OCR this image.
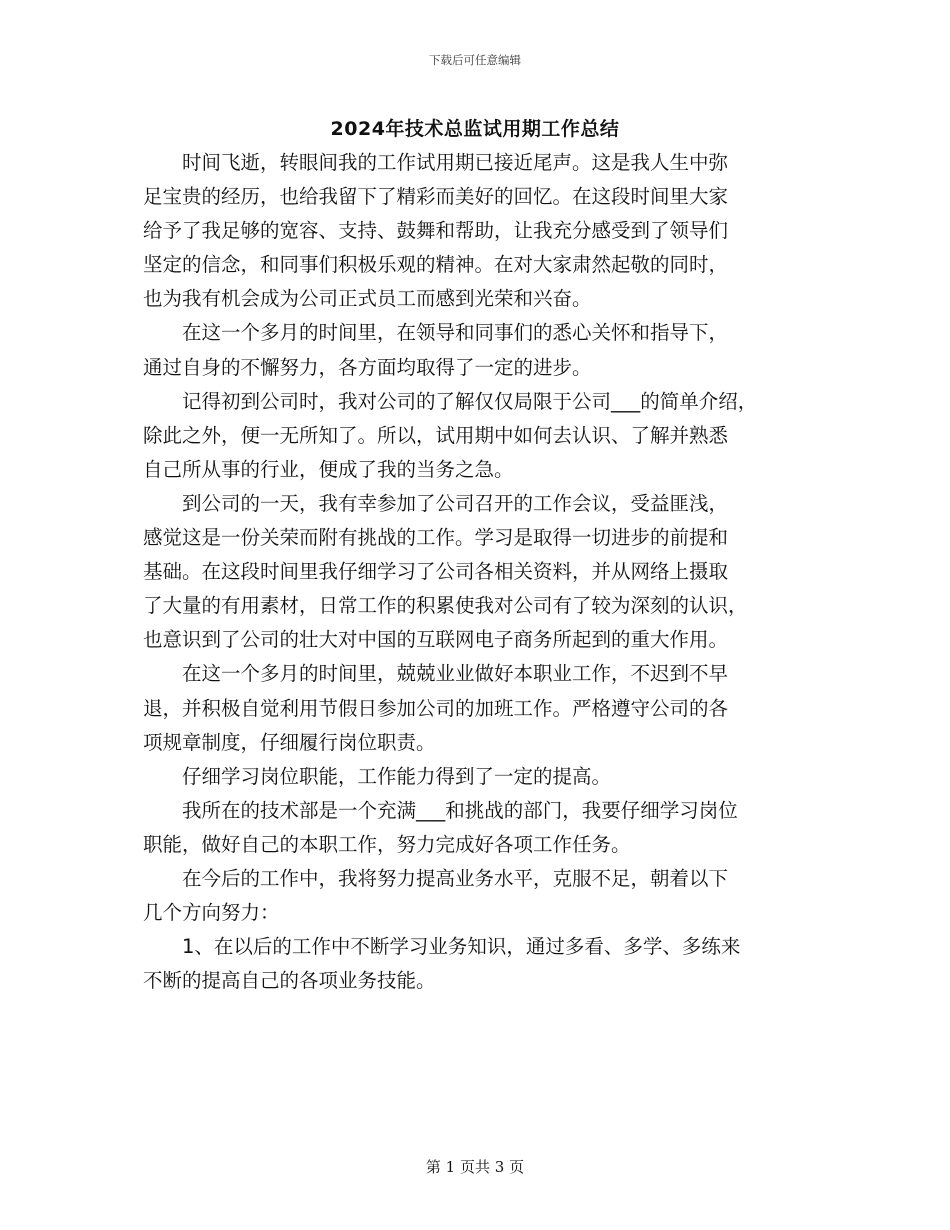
下载后可任意编辑
2024年技术总监试用期工作总结
时间飞逝，转眼间我的工作试用期已接近尾声。这是我人生中弥
足宝贵的经历，也给我留下了精彩而美好的回忆。在这段时间里大家
给予了我足够的宽容、支持、鼓舞和帮助，让我充分感受到了领导们
坚定的信念，和同事们积极乐观的精神。在对大家肃然起敬的同时，
也为我有机会成为公司正式员工而感到光荣和兴奋。
在这一个多月的时间里，在领导和同事们的悉心关怀和指导下，
通过自身的不懈努力，各方面均取得了一定的进步。
记得初到公司时，我对公司的了解仅仅局限于公司___的简单介绍，
除此之外，便一无所知了。所以，试用期中如何去认识、了解并熟悉
自己所从事的行业，便成了我的当务之急。
到公司的一天，我有幸参加了公司召开的工作会议，受益匪浅，
感觉这是一份关荣而附有挑战的工作。学习是取得一切进步的前提和
基础。在这段时间里我仔细学习了公司各相关资料，并从网络上摄取
了大量的有用素材，日常工作的积累使我对公司有了较为深刻的认识，
也意识到了公司的壮大对中国的互联网电子商务所起到的重大作用。
在这一个多月的时间里，兢兢业业做好本职业工作，不迟到不早
退，并积极自觉利用节假日参加公司的加班工作。严格遵守公司的各
项规章制度，仔细履行岗位职责。
仔细学习岗位职能，工作能力得到了一定的提高。
我所在的技术部是一个充满___和挑战的部门，我要仔细学习岗位
职能，做好自己的本职工作，努力完成好各项工作任务。
在今后的工作中，我将努力提高业务水平，克服不足，朝着以下
几个方向努力：
1、在以后的工作中不断学习业务知识，通过多看、多学、多练来
不断的提高自己的各项业务技能。
第 1 页共 3 页
